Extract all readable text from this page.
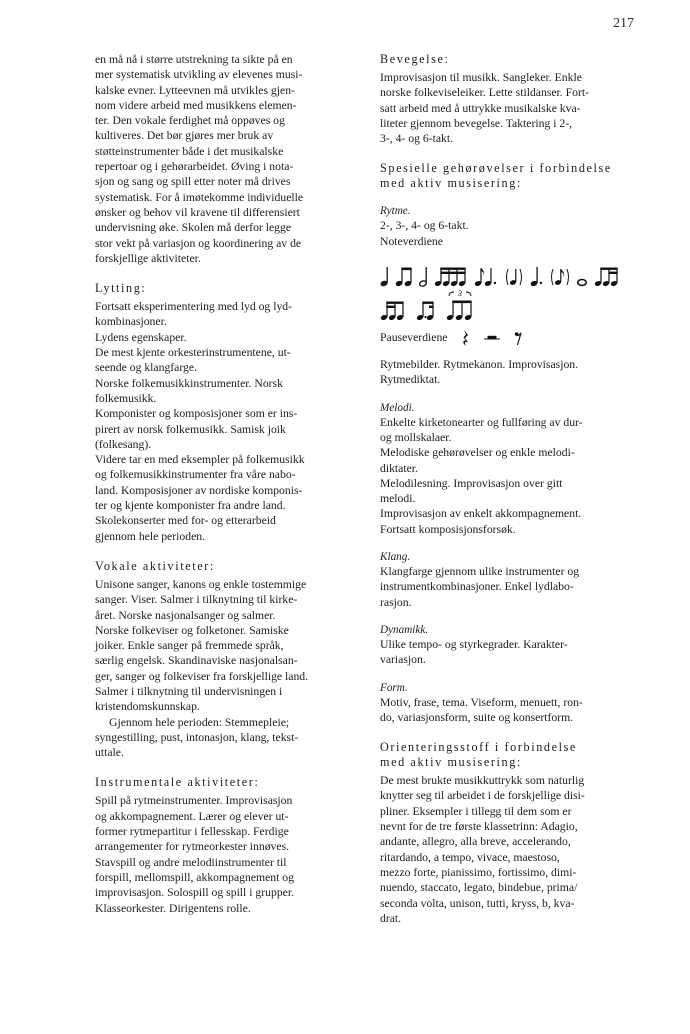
217

en må nå i større utstrekning ta sikte på en

mer systematisk utvikling av elevenes musi-

kalske evner. Lytteevnen må utvikles gjen-

nom videre arbeid med musikkens elemen-

ter. Den vokale ferdighet må oppøves og

kultiveres. Det bør gjøres mer bruk av

støtteinstrumenter både i det musikalske

repertoar og i gehørarbeidet. Øving i nota-

sjon og sang og spill etter noter må drives

systematisk. For å imøtekomme individuelle

ønsker og behov vil kravene til differensiert

undervisning øke. Skolen må derfor legge

stor vekt på variasjon og koordinering av de

forskjellige aktiviteter.

Lytting:

Fortsatt eksperimentering med lyd og lyd-

kombinasjoner.

Lydens egenskaper.

De mest kjente orkesterinstrumentene, ut-

seende og klangfarge.

Norske folkemusikkinstrumenter. Norsk

folkemusikk.

Komponister og komposisjoner som er ins-

pirert av norsk folkemusikk. Samisk joik

(folkesang).

Videre tar en med eksempler på folkemusikk

og folkemusikkinstrumenter fra våre nabo-

land. Komposisjoner av nordiske komponis-

ter og kjente komponister fra andre land.

Skolekonserter med for- og etterarbeid

gjennom hele perioden.

Vokale aktiviteter:

Unisone sanger, kanons og enkle tostemmige

sanger. Viser. Salmer i tilknytning til kirke-

året. Norske nasjonalsanger og salmer.

Norske folkeviser og folketoner. Samiske

joiker. Enkle sanger på fremmede språk,

særlig engelsk. Skandinaviske nasjonalsan-

ger, sanger og folkeviser fra forskjellige land.

Salmer i tilknytning til undervisningen i

kristendomskunnskap.

Gjennom hele perioden: Stemmepleie;

syngestilling, pust, intonasjon, klang, tekst-

uttale.

Instrumentale aktiviteter:

Spill på rytmeinstrumenter. Improvisasjon

og akkompagnement. Lærer og elever ut-

former rytmepartitur i fellesskap. Ferdige

arrangementer for rytmeorkester innøves.

Stavspill og andre melodiinstrumenter til

forspill, mellomspill, akkompagnement og

improvisasjon. Solospill og spill i grupper.

Klasseorkester. Dirigentens rolle.

Bevegelse:

Improvisasjon til musikk. Sangleker. Enkle

norske folkeviseleiker. Lette stildanser. Fort-

satt arbeid med å uttrykke musikalske kva-

liteter gjennom bevegelse. Taktering i 2-,

3-, 4- og 6-takt.

Spesielle gehørøvelser i forbindelse
med aktiv musisering:
Rytme.

2-, 3-, 4- og 6-takt.

Noteverdiene

3
Pauseverdiene

Rytmebilder. Rytmekanon. Improvisasjon.

Rytmediktat.

Melodi.

Enkelte kirketonearter og fullføring av dur-

og mollskalaer.

Melodiske gehørøvelser og enkle melodi-

diktater.

Melodilesning. Improvisasjon over gitt

melodi.

Improvisasjon av enkelt akkompagnement.

Fortsatt komposisjonsforsøk.

Klang.

Klangfarge gjennom ulike instrumenter og

instrumentkombinasjoner. Enkel lydlabo-

rasjon.

Dynamikk.

Ulike tempo- og styrkegrader. Karakter-

variasjon.

Form.

Motiv, frase, tema. Viseform, menuett, ron-

do, variasjonsform, suite og konsertform.

Orienteringsstoff i forbindelse
med aktiv musisering:

De mest brukte musikkuttrykk som naturlig

knytter seg til arbeidet i de forskjellige disi-

pliner. Eksempler i tillegg til dem som er

nevnt for de tre første klassetrinn: Adagio,

andante, allegro, alla breve, accelerando,

ritardando, a tempo, vivace, maestoso,

mezzo forte, pianissimo, fortissimo, dimi-

nuendo, staccato, legato, bindebue, prima/

seconda volta, unison, tutti, kryss, b, kva-

drat.
